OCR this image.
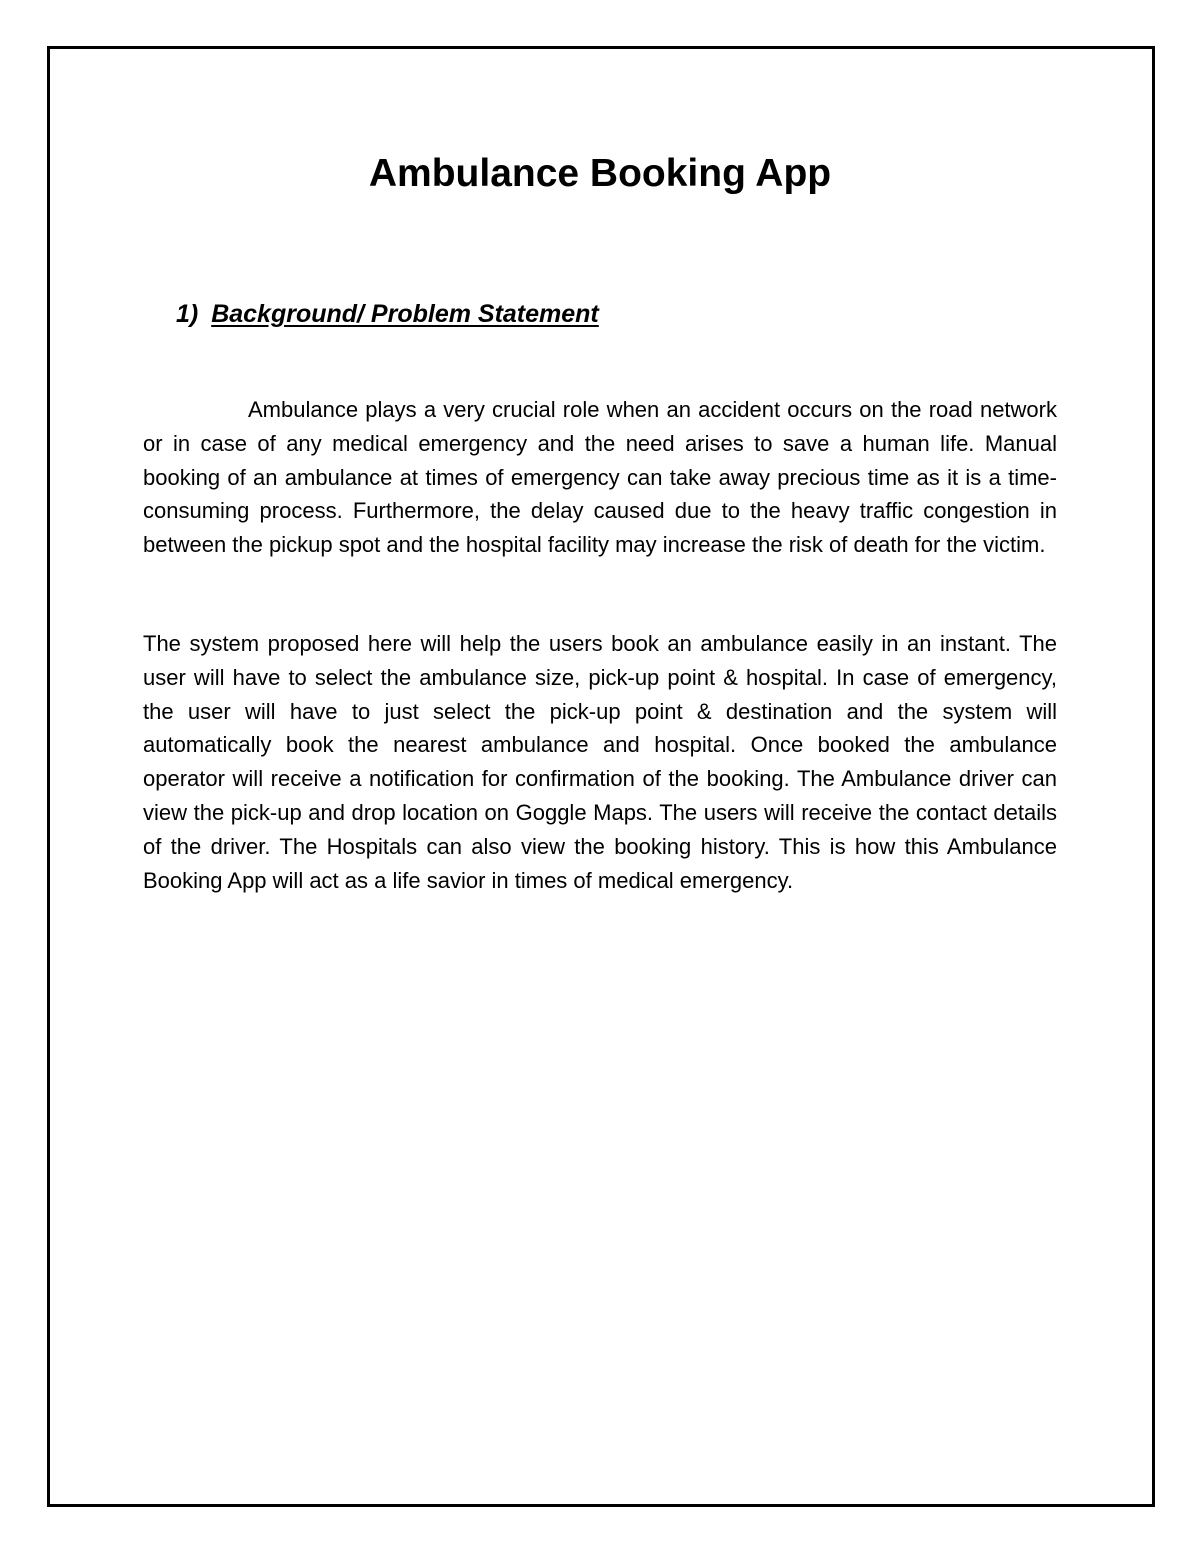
Ambulance Booking App
1) Background/ Problem Statement

Ambulance plays a very crucial role when an accident occurs on the road network or in case of any medical emergency and the need arises to save a human life. Manual booking of an ambulance at times of emergency can take away precious time as it is a time-consuming process. Furthermore, the delay caused due to the heavy traffic congestion in between the pickup spot and the hospital facility may increase the risk of death for the victim.

The system proposed here will help the users book an ambulance easily in an instant. The user will have to select the ambulance size, pick-up point & hospital. In case of emergency, the user will have to just select the pick-up point & destination and the system will automatically book the nearest ambulance and hospital. Once booked the ambulance operator will receive a notification for confirmation of the booking. The Ambulance driver can view the pick-up and drop location on Goggle Maps. The users will receive the contact details of the driver. The Hospitals can also view the booking history. This is how this Ambulance Booking App will act as a life savior in times of medical emergency.
